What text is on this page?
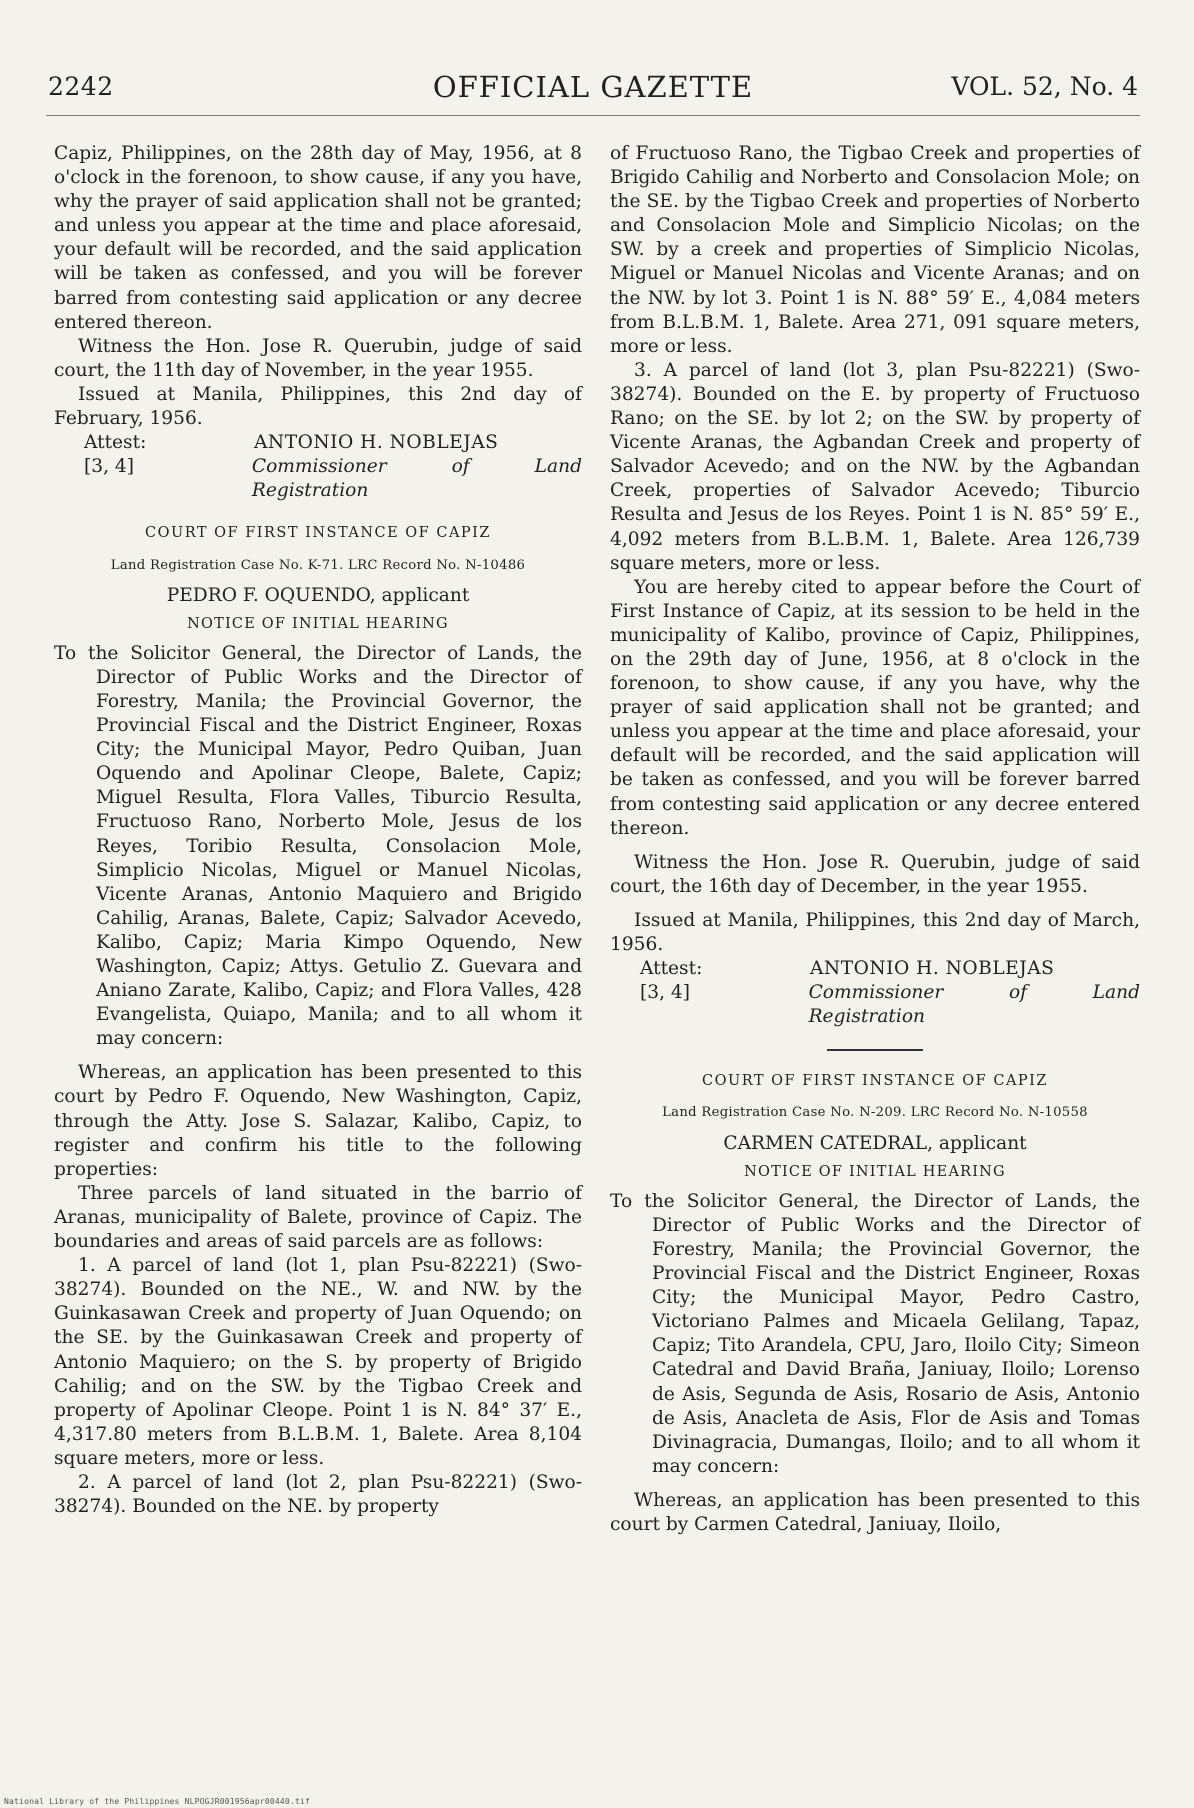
2242	OFFICIAL GAZETTE	VOL. 52, No. 4

Capiz, Philippines, on the 28th day of May, 1956, at 8 o'clock in the forenoon, to show cause, if any you have, why the prayer of said application shall not be granted; and unless you appear at the time and place aforesaid, your default will be recorded, and the said application will be taken as confessed, and you will be forever barred from contesting said application or any decree entered thereon.

Witness the Hon. Jose R. Querubin, judge of said court, the 11th day of November, in the year 1955.

Issued at Manila, Philippines, this 2nd day of February, 1956.

Attest:	ANTONIO H. NOBLEJAS
[3, 4]	Commissioner of Land Registration
COURT OF FIRST INSTANCE OF CAPIZ
Land Registration Case No. K-71. LRC Record No. N-10486
PEDRO F. OQUENDO, applicant
NOTICE OF INITIAL HEARING

To the Solicitor General, the Director of Lands, the Director of Public Works and the Director of Forestry, Manila; the Provincial Governor, the Provincial Fiscal and the District Engineer, Roxas City; the Municipal Mayor, Pedro Quiban, Juan Oquendo and Apolinar Cleope, Balete, Capiz; Miguel Resulta, Flora Valles, Tiburcio Resulta, Fructuoso Rano, Norberto Mole, Jesus de los Reyes, Toribio Resulta, Consolacion Mole, Simplicio Nicolas, Miguel or Manuel Nicolas, Vicente Aranas, Antonio Maquiero and Brigido Cahilig, Aranas, Balete, Capiz; Salvador Acevedo, Kalibo, Capiz; Maria Kimpo Oquendo, New Washington, Capiz; Attys. Getulio Z. Guevara and Aniano Zarate, Kalibo, Capiz; and Flora Valles, 428 Evangelista, Quiapo, Manila; and to all whom it may concern:

Whereas, an application has been presented to this court by Pedro F. Oquendo, New Washington, Capiz, through the Atty. Jose S. Salazar, Kalibo, Capiz, to register and confirm his title to the following properties:

Three parcels of land situated in the barrio of Aranas, municipality of Balete, province of Capiz. The boundaries and areas of said parcels are as follows:

1. A parcel of land (lot 1, plan Psu-82221) (Swo-38274). Bounded on the NE., W. and NW. by the Guinkasawan Creek and property of Juan Oquendo; on the SE. by the Guinkasawan Creek and property of Antonio Maquiero; on the S. by property of Brigido Cahilig; and on the SW. by the Tigbao Creek and property of Apolinar Cleope. Point 1 is N. 84° 37′ E., 4,317.80 meters from B.L.B.M. 1, Balete. Area 8,104 square meters, more or less.

2. A parcel of land (lot 2, plan Psu-82221) (Swo-38274). Bounded on the NE. by property

of Fructuoso Rano, the Tigbao Creek and properties of Brigido Cahilig and Norberto and Consolacion Mole; on the SE. by the Tigbao Creek and properties of Norberto and Consolacion Mole and Simplicio Nicolas; on the SW. by a creek and properties of Simplicio Nicolas, Miguel or Manuel Nicolas and Vicente Aranas; and on the NW. by lot 3. Point 1 is N. 88° 59′ E., 4,084 meters from B.L.B.M. 1, Balete. Area 271, 091 square meters, more or less.

3. A parcel of land (lot 3, plan Psu-82221) (Swo-38274). Bounded on the E. by property of Fructuoso Rano; on the SE. by lot 2; on the SW. by property of Vicente Aranas, the Agbandan Creek and property of Salvador Acevedo; and on the NW. by the Agbandan Creek, properties of Salvador Acevedo; Tiburcio Resulta and Jesus de los Reyes. Point 1 is N. 85° 59′ E., 4,092 meters from B.L.B.M. 1, Balete. Area 126,739 square meters, more or less.

You are hereby cited to appear before the Court of First Instance of Capiz, at its session to be held in the municipality of Kalibo, province of Capiz, Philippines, on the 29th day of June, 1956, at 8 o'clock in the forenoon, to show cause, if any you have, why the prayer of said application shall not be granted; and unless you appear at the time and place aforesaid, your default will be recorded, and the said application will be taken as confessed, and you will be forever barred from contesting said application or any decree entered thereon.

Witness the Hon. Jose R. Querubin, judge of said court, the 16th day of December, in the year 1955.

Issued at Manila, Philippines, this 2nd day of March, 1956.

Attest:	ANTONIO H. NOBLEJAS
[3, 4]	Commissioner of Land Registration
COURT OF FIRST INSTANCE OF CAPIZ
Land Registration Case No. N-209. LRC Record No. N-10558
CARMEN CATEDRAL, applicant
NOTICE OF INITIAL HEARING

To the Solicitor General, the Director of Lands, the Director of Public Works and the Director of Forestry, Manila; the Provincial Governor, the Provincial Fiscal and the District Engineer, Roxas City; the Municipal Mayor, Pedro Castro, Victoriano Palmes and Micaela Gelilang, Tapaz, Capiz; Tito Arandela, CPU, Jaro, Iloilo City; Simeon Catedral and David Braña, Janiuay, Iloilo; Lorenso de Asis, Segunda de Asis, Rosario de Asis, Antonio de Asis, Anacleta de Asis, Flor de Asis and Tomas Divinagracia, Dumangas, Iloilo; and to all whom it may concern:

Whereas, an application has been presented to this court by Carmen Catedral, Janiuay, Iloilo,

National Library of the Philippines NLPOGJR001956apr00440.tif
